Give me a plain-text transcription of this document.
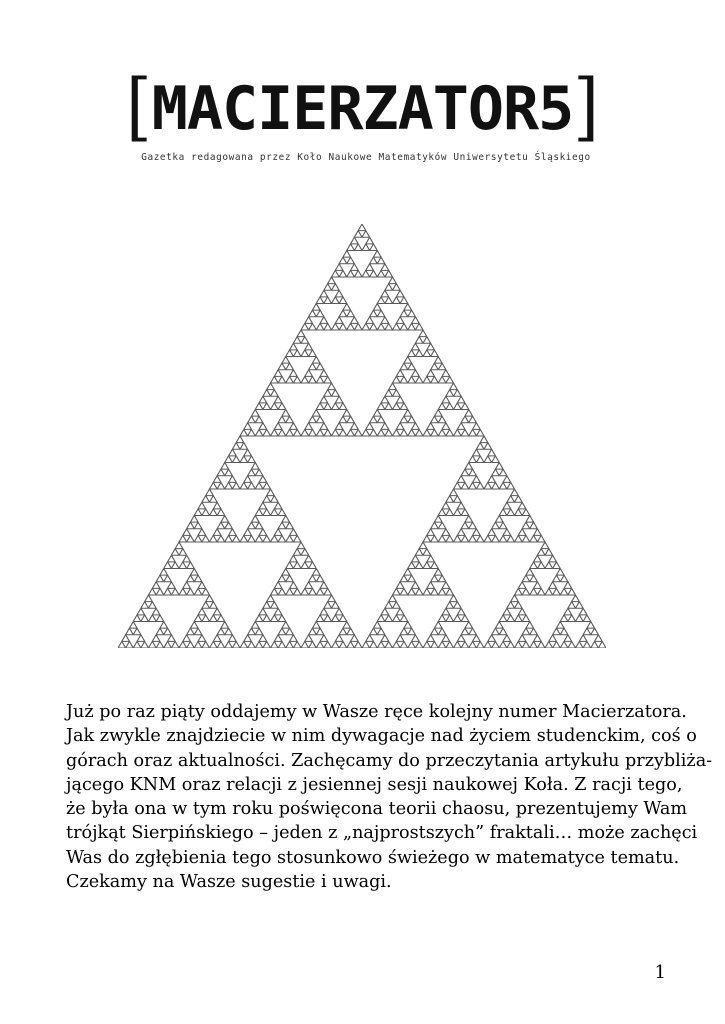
[MACIERZATOR5]
Gazetka redagowana przez Koło Naukowe Matematyków Uniwersytetu Śląskiego
Już po raz piąty oddajemy w Wasze ręce kolejny numer Macierzatora.
Jak zwykle znajdziecie w nim dywagacje nad życiem studenckim, coś o
górach oraz aktualności. Zachęcamy do przeczytania artykułu przybliża-
jącego KNM oraz relacji z jesiennej sesji naukowej Koła. Z racji tego,
że była ona w tym roku poświęcona teorii chaosu, prezentujemy Wam
trójkąt Sierpińskiego – jeden z „najprostszych” fraktali… może zachęci
Was do zgłębienia tego stosunkowo świeżego w matematyce tematu.
Czekamy na Wasze sugestie i uwagi.
1
